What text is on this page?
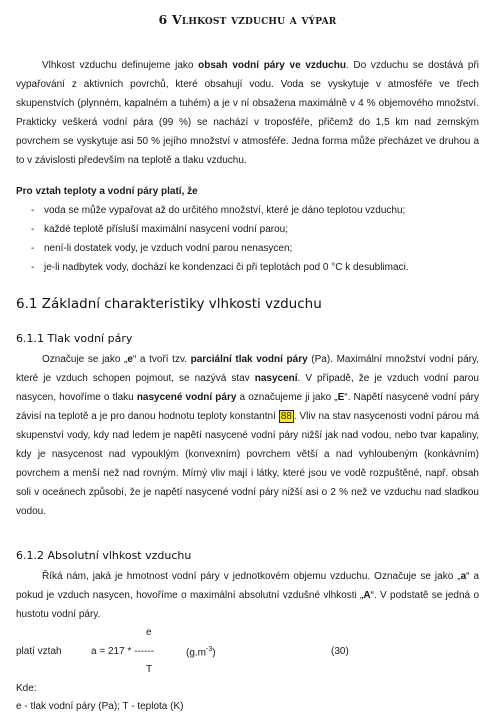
6 Vlhkost vzduchu a výpar
Vlhkost vzduchu definujeme jako obsah vodní páry ve vzduchu. Do vzduchu se dostává při vypařování z aktivních povrchů, které obsahují vodu. Voda se vyskytuje v atmosféře ve třech skupenstvích (plynném, kapalném a tuhém) a je v ní obsažena maximálně v 4 % objemového množství. Prakticky veškerá vodní pára (99 %) se nachází v troposféře, přičemž do 1,5 km nad zemským povrchem se vyskytuje asi 50 % jejího množství v atmosféře. Jedna forma může přecházet ve druhou a to v závislosti především na teplotě a tlaku vzduchu.
Pro vztah teploty a vodní páry platí, že
- voda se může vypařovat až do určitého množství, které je dáno teplotou vzduchu;
- každé teplotě přísluší maximální nasycení vodní parou;
- není-li dostatek vody, je vzduch vodní parou nenasycen;
- je-li nadbytek vody, dochází ke kondenzaci či při teplotách pod 0 °C k desublimaci.
6.1 Základní charakteristiky vlhkosti vzduchu
6.1.1 Tlak vodní páry
Označuje se jako „e“ a tvoří tzv. parciální tlak vodní páry (Pa). Maximální množství vodní páry, které je vzduch schopen pojmout, se nazývá stav nasycení. V případě, že je vzduch vodní parou nasycen, hovoříme o tlaku nasycené vodní páry a označujeme ji jako „E“. Napětí nasycené vodní páry závisí na teplotě a je pro danou hodnotu teploty konstantní 88 . Vliv na stav nasycenosti vodní párou má skupenství vody, kdy nad ledem je napětí nasycené vodní páry nižší jak nad vodou, nebo tvar kapaliny, kdy je nasycenost nad vypouklým (konvexním) povrchem větší a nad vyhloubeným (konkávním) povrchem a menší než nad rovným. Mírný vliv mají i látky, které jsou ve vodě rozpuštěné, např. obsah soli v oceánech způsobí, že je napětí nasycené vodní páry nižší asi o 2 % než ve vzduchu nad sladkou vodou.
6.1.2 Absolutní vlhkost vzduchu
Říká nám, jaká je hmotnost vodní páry v jednotkovém objemu vzduchu. Označuje se jako „a“ a pokud je vzduch nasycen, hovoříme o maximální absolutní vzdušné vlhkosti „A“. V podstatě se jedná o hustotu vodní páry.
e
platí vztah	a = 217 * ------	$(g.m^{-3})$	(30)
T
Kde:
e - tlak vodní páry (Pa); T - teplota (K)
